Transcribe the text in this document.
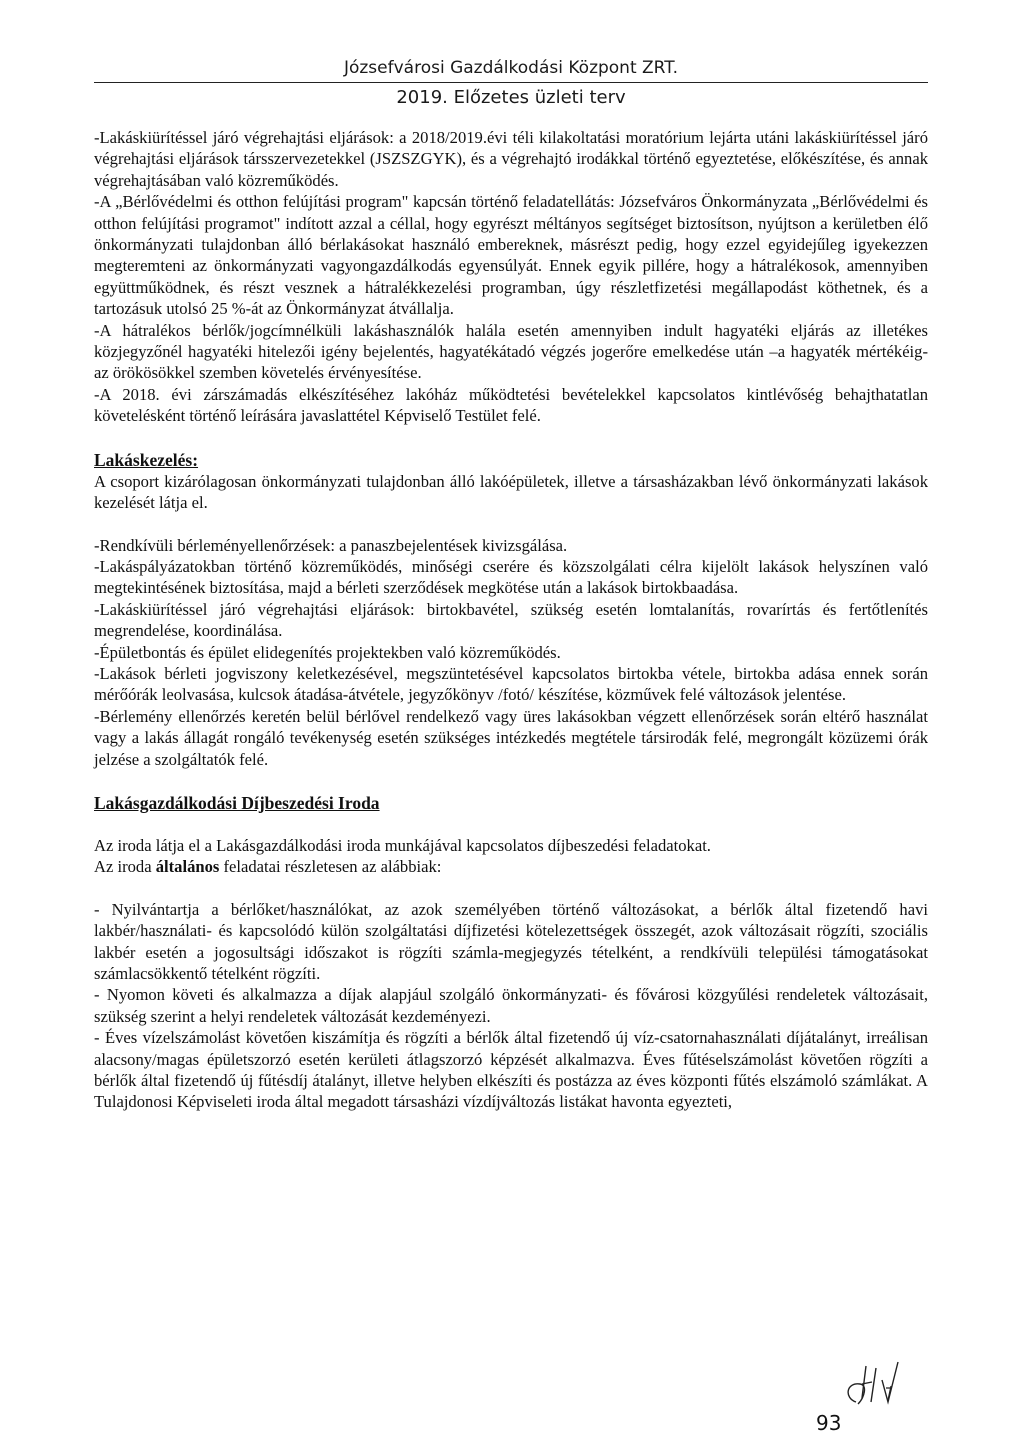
Józsefvárosi Gazdálkodási Központ ZRT.
2019. Előzetes üzleti terv

-Lakáskiürítéssel járó végrehajtási eljárások: a 2018/2019.évi téli kilakoltatási moratórium lejárta utáni lakáskiürítéssel járó végrehajtási eljárások társszervezetekkel (JSZSZGYK), és a végrehajtó irodákkal történő egyeztetése, előkészítése, és annak végrehajtásában való közreműködés.

-A „Bérlővédelmi és otthon felújítási program" kapcsán történő feladatellátás: Józsefváros Önkormányzata „Bérlővédelmi és otthon felújítási programot" indított azzal a céllal, hogy egyrészt méltányos segítséget biztosítson, nyújtson a kerületben élő önkormányzati tulajdonban álló bérlakásokat használó embereknek, másrészt pedig, hogy ezzel egyidejűleg igyekezzen megteremteni az önkormányzati vagyongazdálkodás egyensúlyát. Ennek egyik pillére, hogy a hátralékosok, amennyiben együttműködnek, és részt vesznek a hátralékkezelési programban, úgy részletfizetési megállapodást köthetnek, és a tartozásuk utolsó 25 %-át az Önkormányzat átvállalja.

-A hátralékos bérlők/jogcímnélküli lakáshasználók halála esetén amennyiben indult hagyatéki eljárás az illetékes közjegyzőnél hagyatéki hitelezői igény bejelentés, hagyatékátadó végzés jogerőre emelkedése után –a hagyaték mértékéig- az örökösökkel szemben követelés érvényesítése.

-A 2018. évi zárszámadás elkészítéséhez lakóház működtetési bevételekkel kapcsolatos kintlévőség behajthatatlan követelésként történő leírására javaslattétel Képviselő Testület felé.

Lakáskezelés:

A csoport kizárólagosan önkormányzati tulajdonban álló lakóépületek, illetve a társasházakban lévő önkormányzati lakások kezelését látja el.

-Rendkívüli bérleményellenőrzések: a panaszbejelentések kivizsgálása.

-Lakáspályázatokban történő közreműködés, minőségi cserére és közszolgálati célra kijelölt lakások helyszínen való megtekintésének biztosítása, majd a bérleti szerződések megkötése után a lakások birtokbaadása.

-Lakáskiürítéssel járó végrehajtási eljárások: birtokbavétel, szükség esetén lomtalanítás, rovarírtás és fertőtlenítés megrendelése, koordinálása.

-Épületbontás és épület elidegenítés projektekben való közreműködés.

-Lakások bérleti jogviszony keletkezésével, megszüntetésével kapcsolatos birtokba vétele, birtokba adása ennek során mérőórák leolvasása, kulcsok átadása-átvétele, jegyzőkönyv /fotó/ készítése, közművek felé változások jelentése.

-Bérlemény ellenőrzés keretén belül bérlővel rendelkező vagy üres lakásokban végzett ellenőrzések során eltérő használat vagy a lakás állagát rongáló tevékenység esetén szükséges intézkedés megtétele társirodák felé, megrongált közüzemi órák jelzése a szolgáltatók felé.

Lakásgazdálkodási Díjbeszedési Iroda

Az iroda látja el a Lakásgazdálkodási iroda munkájával kapcsolatos díjbeszedési feladatokat.

Az iroda általános feladatai részletesen az alábbiak:

- Nyilvántartja a bérlőket/használókat, az azok személyében történő változásokat, a bérlők által fizetendő havi lakbér/használati- és kapcsolódó külön szolgáltatási díjfizetési kötelezettségek összegét, azok változásait rögzíti, szociális lakbér esetén a jogosultsági időszakot is rögzíti számla-megjegyzés tételként, a rendkívüli települési támogatásokat számlacsökkentő tételként rögzíti.

- Nyomon követi és alkalmazza a díjak alapjául szolgáló önkormányzati- és fővárosi közgyűlési rendeletek változásait, szükség szerint a helyi rendeletek változását kezdeményezi.

- Éves vízelszámolást követően kiszámítja és rögzíti a bérlők által fizetendő új víz-csatornahasználati díjátalányt, irreálisan alacsony/magas épületszorzó esetén kerületi átlagszorzó képzését alkalmazva. Éves fűtéselszámolást követően rögzíti a bérlők által fizetendő új fűtésdíj átalányt, illetve helyben elkészíti és postázza az éves központi fűtés elszámoló számlákat. A Tulajdonosi Képviseleti iroda által megadott társasházi vízdíjváltozás listákat havonta egyezteti,

93
